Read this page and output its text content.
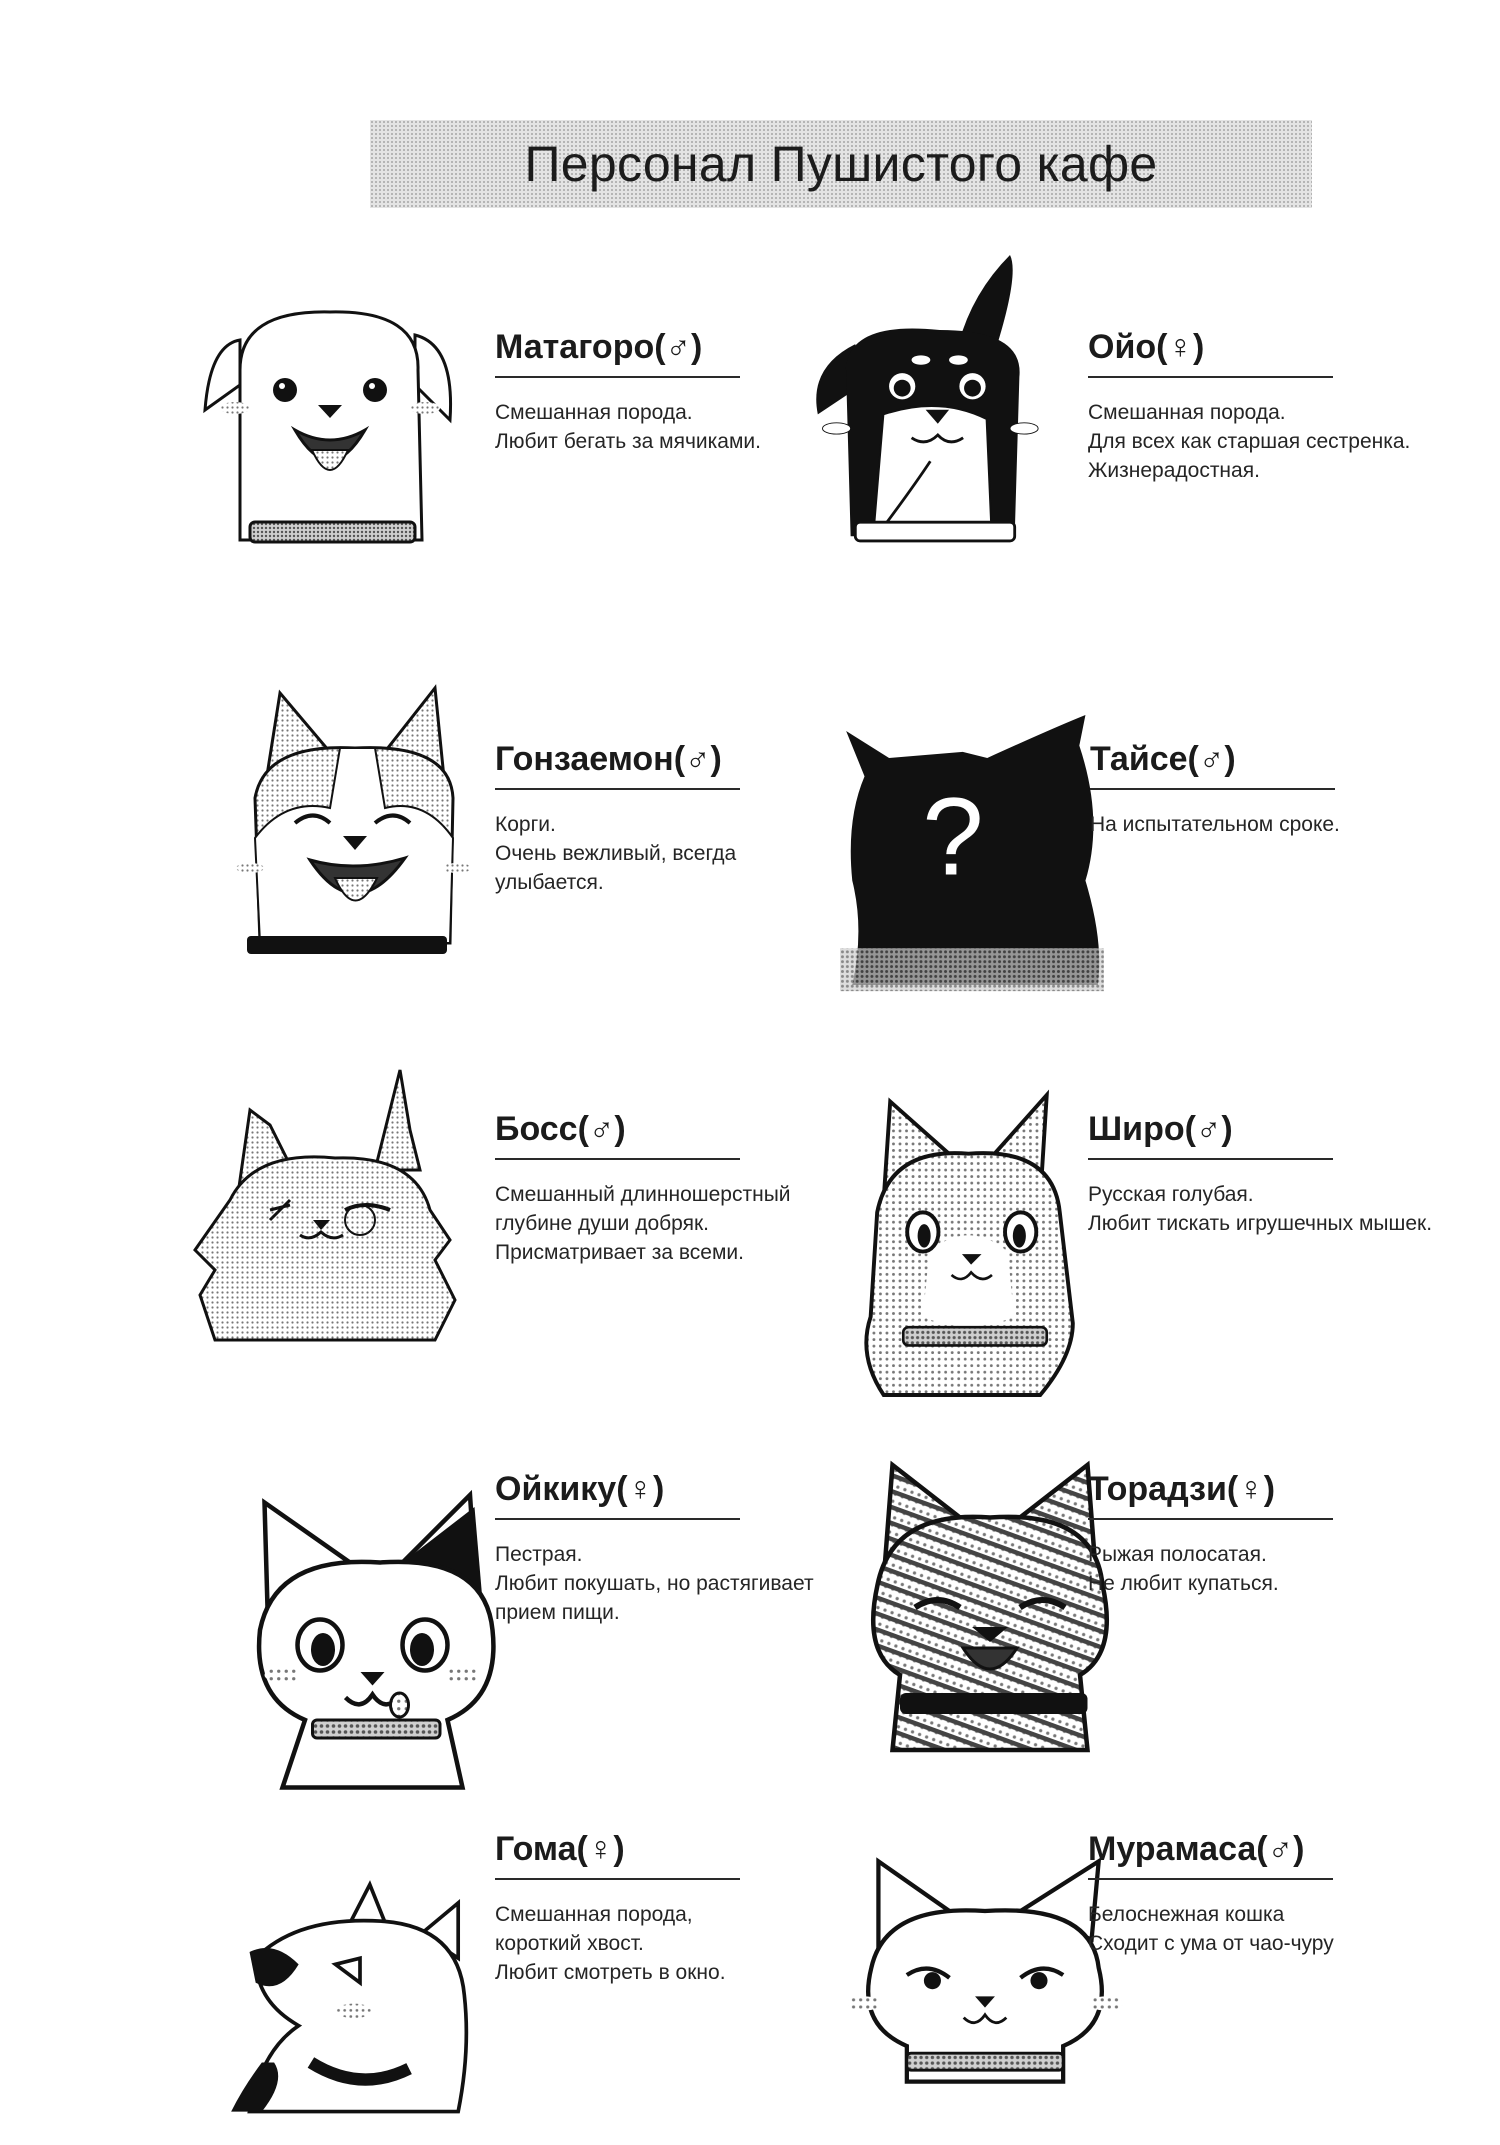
Персонал Пушистого кафе
Матагоро(♂)
Смешанная порода.
Любит бегать за мячиками.
Ойо(♀)
Смешанная порода.
Для всех как старшая сестренка.
Жизнерадостная.
Гонзаемон(♂)
Корги.
Очень вежливый, всегда
улыбается.	?
Тайсе(♂)
На испытательном сроке.
Босс(♂)
Смешанный длинношерстный
глубине души добряк.
Присматривает за всеми.
Широ(♂)
Русская голубая.
Любит тискать игрушечных мышек.
Ойкику(♀)
Пестрая.
Любит покушать, но растягивает
прием пищи.
Торадзи(♀)
Рыжая полосатая.
Не любит купаться.
Гома(♀)
Смешанная порода,
короткий хвост.
Любит смотреть в окно.
Мурамаса(♂)
Белоснежная кошка
Сходит с ума от чао-чуру
